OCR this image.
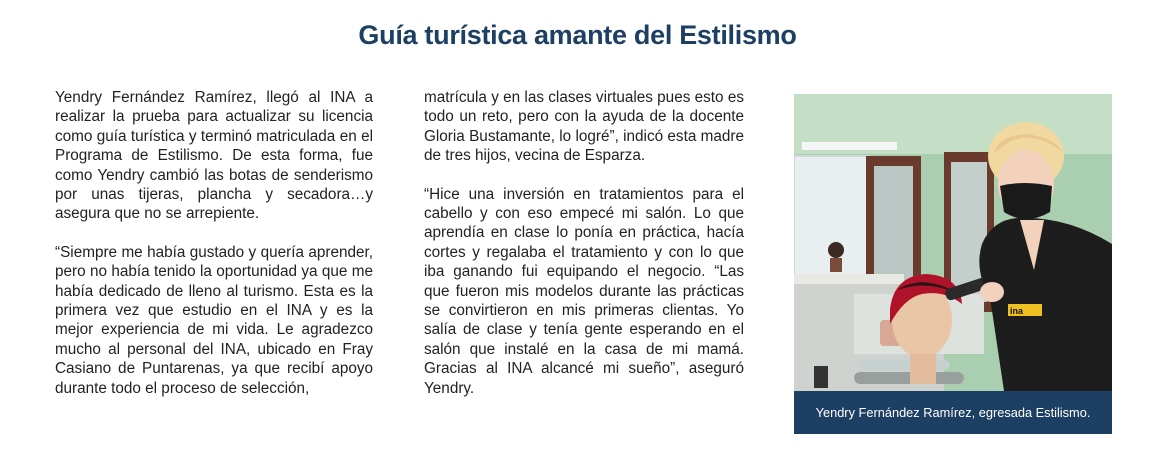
Guía turística amante del Estilismo

Yendry Fernández Ramírez, llegó al INA a realizar la prueba para actualizar su licencia como guía turística y terminó matriculada en el Programa de Estilismo. De esta forma, fue como Yendry cambió las botas de senderismo por unas tijeras, plancha y secadora…y asegura que no se arrepiente.

“Siempre me había gustado y quería aprender, pero no había tenido la oportunidad ya que me había dedicado de lleno al turismo. Esta es la primera vez que estudio en el INA y es la mejor experiencia de mi vida. Le agradezco mucho al personal del INA, ubicado en Fray Casiano de Puntarenas, ya que recibí apoyo durante todo el proceso de selección,

matrícula y en las clases virtuales pues esto es todo un reto, pero con la ayuda de la docente Gloria Bustamante, lo logré”, indicó esta madre de tres hijos, vecina de Esparza.

“Hice una inversión en tratamientos para el cabello y con eso empecé mi salón. Lo que aprendía en clase lo ponía en práctica, hacía cortes y regalaba el tratamiento y con lo que iba ganando fui equipando el negocio. “Las que fueron mis modelos durante las prácticas se convirtieron en mis primeras clientas. Yo salía de clase y tenía gente esperando en el salón que instalé en la casa de mi mamá. Gracias al INA alcancé mi sueño”, aseguró Yendry.

ina
Yendry Fernández Ramírez, egresada Estilismo.
